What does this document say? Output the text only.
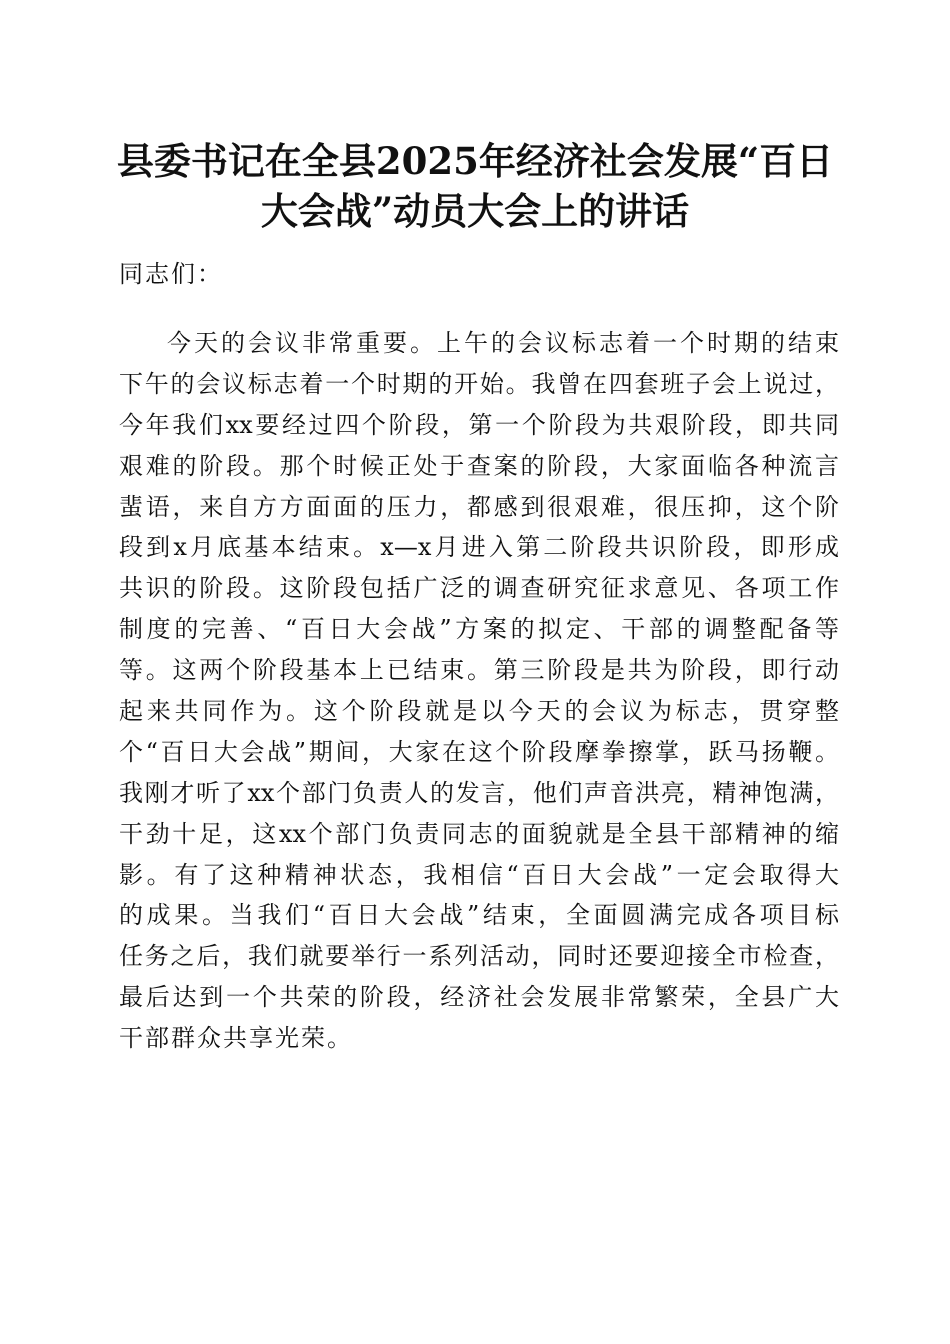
县委书记在全县2025年经济社会发展“百日
大会战”动员大会上的讲话
同志们：
今天的会议非常重要。上午的会议标志着一个时期的结束
下午的会议标志着一个时期的开始。我曾在四套班子会上说过，
今年我们xx要经过四个阶段，第一个阶段为共艰阶段，即共同
艰难的阶段。那个时候正处于查案的阶段，大家面临各种流言
蜚语，来自方方面面的压力，都感到很艰难，很压抑，这个阶
段到x月底基本结束。x—x月进入第二阶段共识阶段，即形成
共识的阶段。这阶段包括广泛的调查研究征求意见、各项工作
制度的完善、“百日大会战”方案的拟定、干部的调整配备等
等。这两个阶段基本上已结束。第三阶段是共为阶段，即行动
起来共同作为。这个阶段就是以今天的会议为标志，贯穿整
个“百日大会战”期间，大家在这个阶段摩拳擦掌，跃马扬鞭。
我刚才听了xx个部门负责人的发言，他们声音洪亮，精神饱满，
干劲十足，这xx个部门负责同志的面貌就是全县干部精神的缩
影。有了这种精神状态，我相信“百日大会战”一定会取得大
的成果。当我们“百日大会战”结束，全面圆满完成各项目标
任务之后，我们就要举行一系列活动，同时还要迎接全市检查，
最后达到一个共荣的阶段，经济社会发展非常繁荣，全县广大
干部群众共享光荣。
